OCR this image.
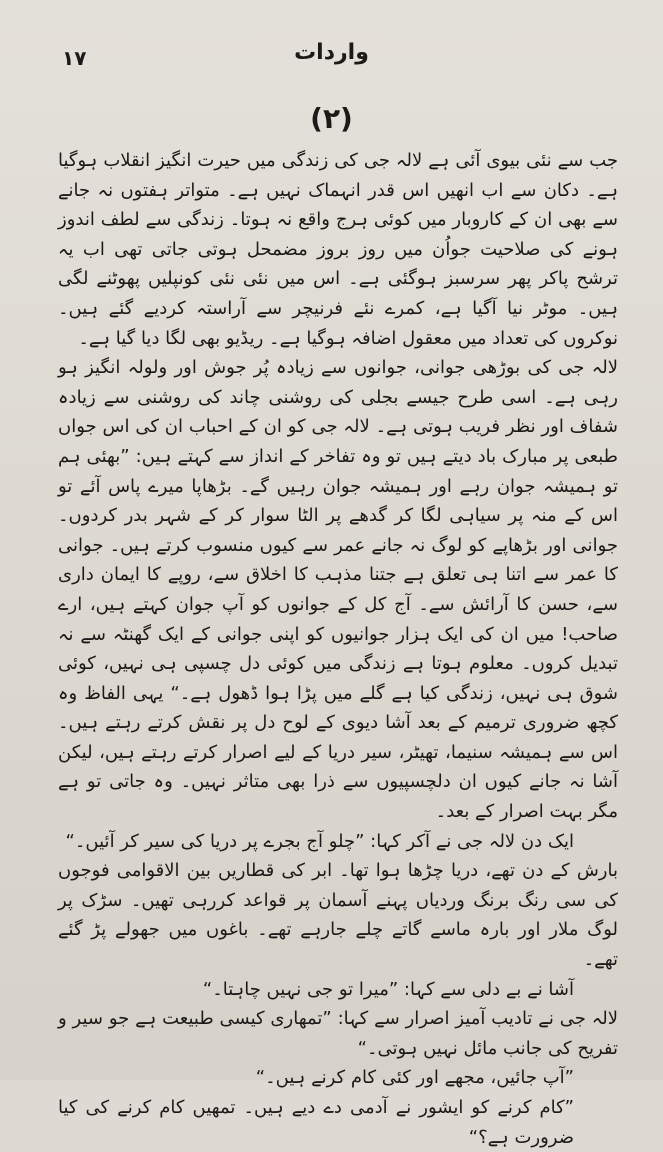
۱۷	واردات
(۲)

جب سے نئی بیوی آئی ہے لالہ جی کی زندگی میں حیرت انگیز انقلاب ہوگیا ہے۔ دکان سے اب انھیں اس قدر انہماک نہیں ہے۔ متواتر ہفتوں نہ جانے سے بھی ان کے کاروبار میں کوئی ہرج واقع نہ ہوتا۔ زندگی سے لطف اندوز ہونے کی صلاحیت جواُن میں روز بروز مضمحل ہوتی جاتی تھی اب یہ ترشح پاکر پھر سرسبز ہوگئی ہے۔ اس میں نئی نئی کونپلیں پھوٹنے لگی ہیں۔ موٹر نیا آگیا ہے، کمرے نئے فرنیچر سے آراستہ کردیے گئے ہیں۔ نوکروں کی تعداد میں معقول اضافہ ہوگیا ہے۔ ریڈیو بھی لگا دیا گیا ہے۔

لالہ جی کی بوڑھی جوانی، جوانوں سے زیادہ پُر جوش اور ولولہ انگیز ہو رہی ہے۔ اسی طرح جیسے بجلی کی روشنی چاند کی روشنی سے زیادہ شفاف اور نظر فریب ہوتی ہے۔ لالہ جی کو ان کے احباب ان کی اس جواں طبعی پر مبارک باد دیتے ہیں تو وہ تفاخر کے انداز سے کہتے ہیں: ”بھئی ہم تو ہمیشہ جوان رہے اور ہمیشہ جوان رہیں گے۔ بڑھاپا میرے پاس آئے تو اس کے منہ پر سیاہی لگا کر گدھے پر الٹا سوار کر کے شہر بدر کردوں۔ جوانی اور بڑھاپے کو لوگ نہ جانے عمر سے کیوں منسوب کرتے ہیں۔ جوانی کا عمر سے اتنا ہی تعلق ہے جتنا مذہب کا اخلاق سے، روپے کا ایمان داری سے، حسن کا آرائش سے۔ آج کل کے جوانوں کو آپ جوان کہتے ہیں، ارے صاحب! میں ان کی ایک ہزار جوانیوں کو اپنی جوانی کے ایک گھنٹہ سے نہ تبدیل کروں۔ معلوم ہوتا ہے زندگی میں کوئی دل چسپی ہی نہیں، کوئی شوق ہی نہیں، زندگی کیا ہے گلے میں پڑا ہوا ڈھول ہے۔“ یہی الفاظ وہ کچھ ضروری ترمیم کے بعد آشا دیوی کے لوح دل پر نقش کرتے رہتے ہیں۔ اس سے ہمیشہ سنیما، تھیٹر، سیر دریا کے لیے اصرار کرتے رہتے ہیں، لیکن آشا نہ جانے کیوں ان دلچسپیوں سے ذرا بھی متاثر نہیں۔ وہ جاتی تو ہے مگر بہت اصرار کے بعد۔

ایک دن لالہ جی نے آکر کہا: ”چلو آج بجرے پر دریا کی سیر کر آئیں۔“

بارش کے دن تھے، دریا چڑھا ہوا تھا۔ ابر کی قطاریں بین الاقوامی فوجوں کی سی رنگ برنگ وردیاں پہنے آسمان پر قواعد کررہی تھیں۔ سڑک پر لوگ ملار اور بارہ ماسے گاتے چلے جارہے تھے۔ باغوں میں جھولے پڑ گئے تھے۔

آشا نے بے دلی سے کہا: ”میرا تو جی نہیں چاہتا۔“

لالہ جی نے تادیب آمیز اصرار سے کہا: ”تمھاری کیسی طبیعت ہے جو سیر و تفریح کی جانب مائل نہیں ہوتی۔“

”آپ جائیں، مجھے اور کئی کام کرنے ہیں۔“

”کام کرنے کو ایشور نے آدمی دے دیے ہیں۔ تمھیں کام کرنے کی کیا ضرورت ہے؟“
